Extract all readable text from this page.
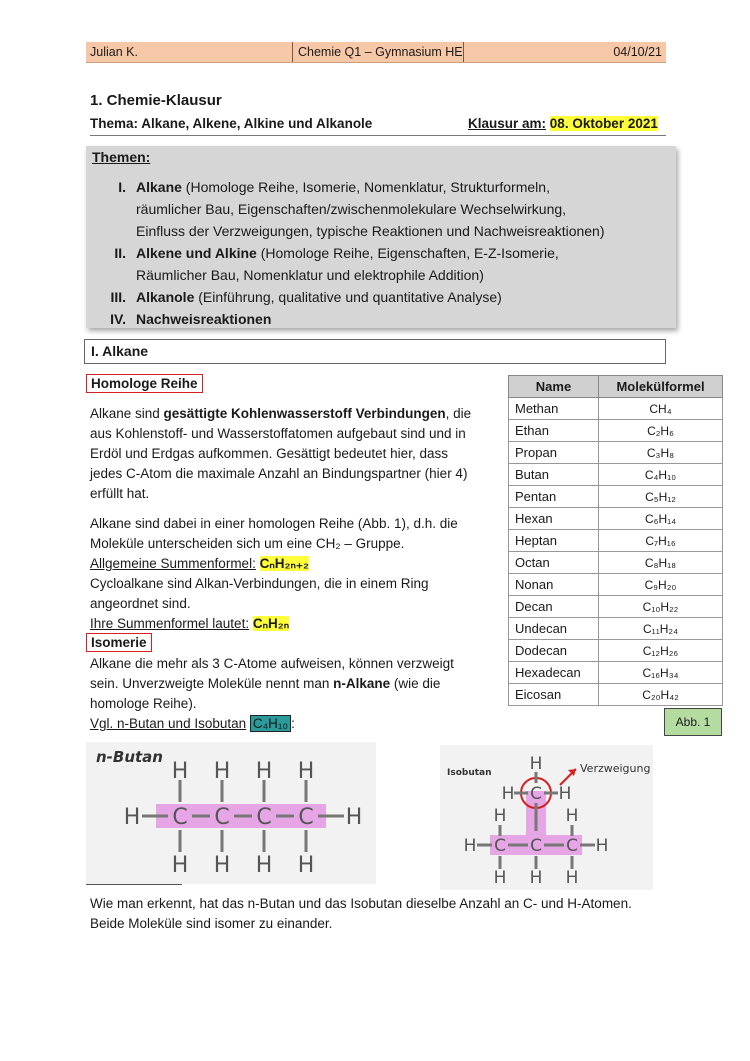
Julian K.	Chemie Q1 – Gymnasium HE	04/10/21
1. Chemie-Klausur
Thema: Alkane, Alkene, Alkine und Alkanole	Klausur am: 08. Oktober 2021
Themen:
I. Alkane (Homologe Reihe, Isomerie, Nomenklatur, Strukturformeln,
räumlicher Bau, Eigenschaften/zwischenmolekulare Wechselwirkung,
Einfluss der Verzweigungen, typische Reaktionen und Nachweisreaktionen)
II. Alkene und Alkine (Homologe Reihe, Eigenschaften, E-Z-Isomerie,
Räumlicher Bau, Nomenklatur und elektrophile Addition)
III. Alkanole (Einführung, qualitative und quantitative Analyse)
IV. Nachweisreaktionen
I. Alkane
Homologe Reihe
Alkane sind gesättigte Kohlenwasserstoff Verbindungen, die
aus Kohlenstoff- und Wasserstoffatomen aufgebaut sind und in
Erdöl und Erdgas aufkommen. Gesättigt bedeutet hier, dass
jedes C-Atom die maximale Anzahl an Bindungspartner (hier 4)
erfüllt hat.
Alkane sind dabei in einer homologen Reihe (Abb. 1), d.h. die
Moleküle unterscheiden sich um eine CH₂ – Gruppe.
Allgemeine Summenformel: CₙH₂ₙ₊₂
Cycloalkane sind Alkan-Verbindungen, die in einem Ring
angeordnet sind.
Ihre Summenformel lautet: CₙH₂ₙ
Isomerie
Alkane die mehr als 3 C-Atome aufweisen, können verzweigt
sein. Unverzweigte Moleküle nennt man n-Alkane (wie die
homologe Reihe).
Vgl. n-Butan und Isobutan C₄H₁₀ :
Name	Molekülformel
Methan	CH₄
Ethan	C₂H₆
Propan	C₃H₈
Butan	C₄H₁₀
Pentan	C₅H₁₂
Hexan	C₆H₁₄
Heptan	C₇H₁₆
Octan	C₈H₁₈
Nonan	C₉H₂₀
Decan	C₁₀H₂₂
Undecan	C₁₁H₂₄
Dodecan	C₁₂H₂₆
Hexadecan	C₁₆H₃₄
Eicosan	C₂₀H₄₂
Abb. 1
n-Butan
H
C
H
H
C
H
H
C
H
H
C
H
H	H
Isobutan	Verzweigung
H
C
H	H
H	H
C
H
H
C
H
C
H
H
Wie man erkennt, hat das n-Butan und das Isobutan dieselbe Anzahl an C- und H-Atomen.
Beide Moleküle sind isomer zu einander.
